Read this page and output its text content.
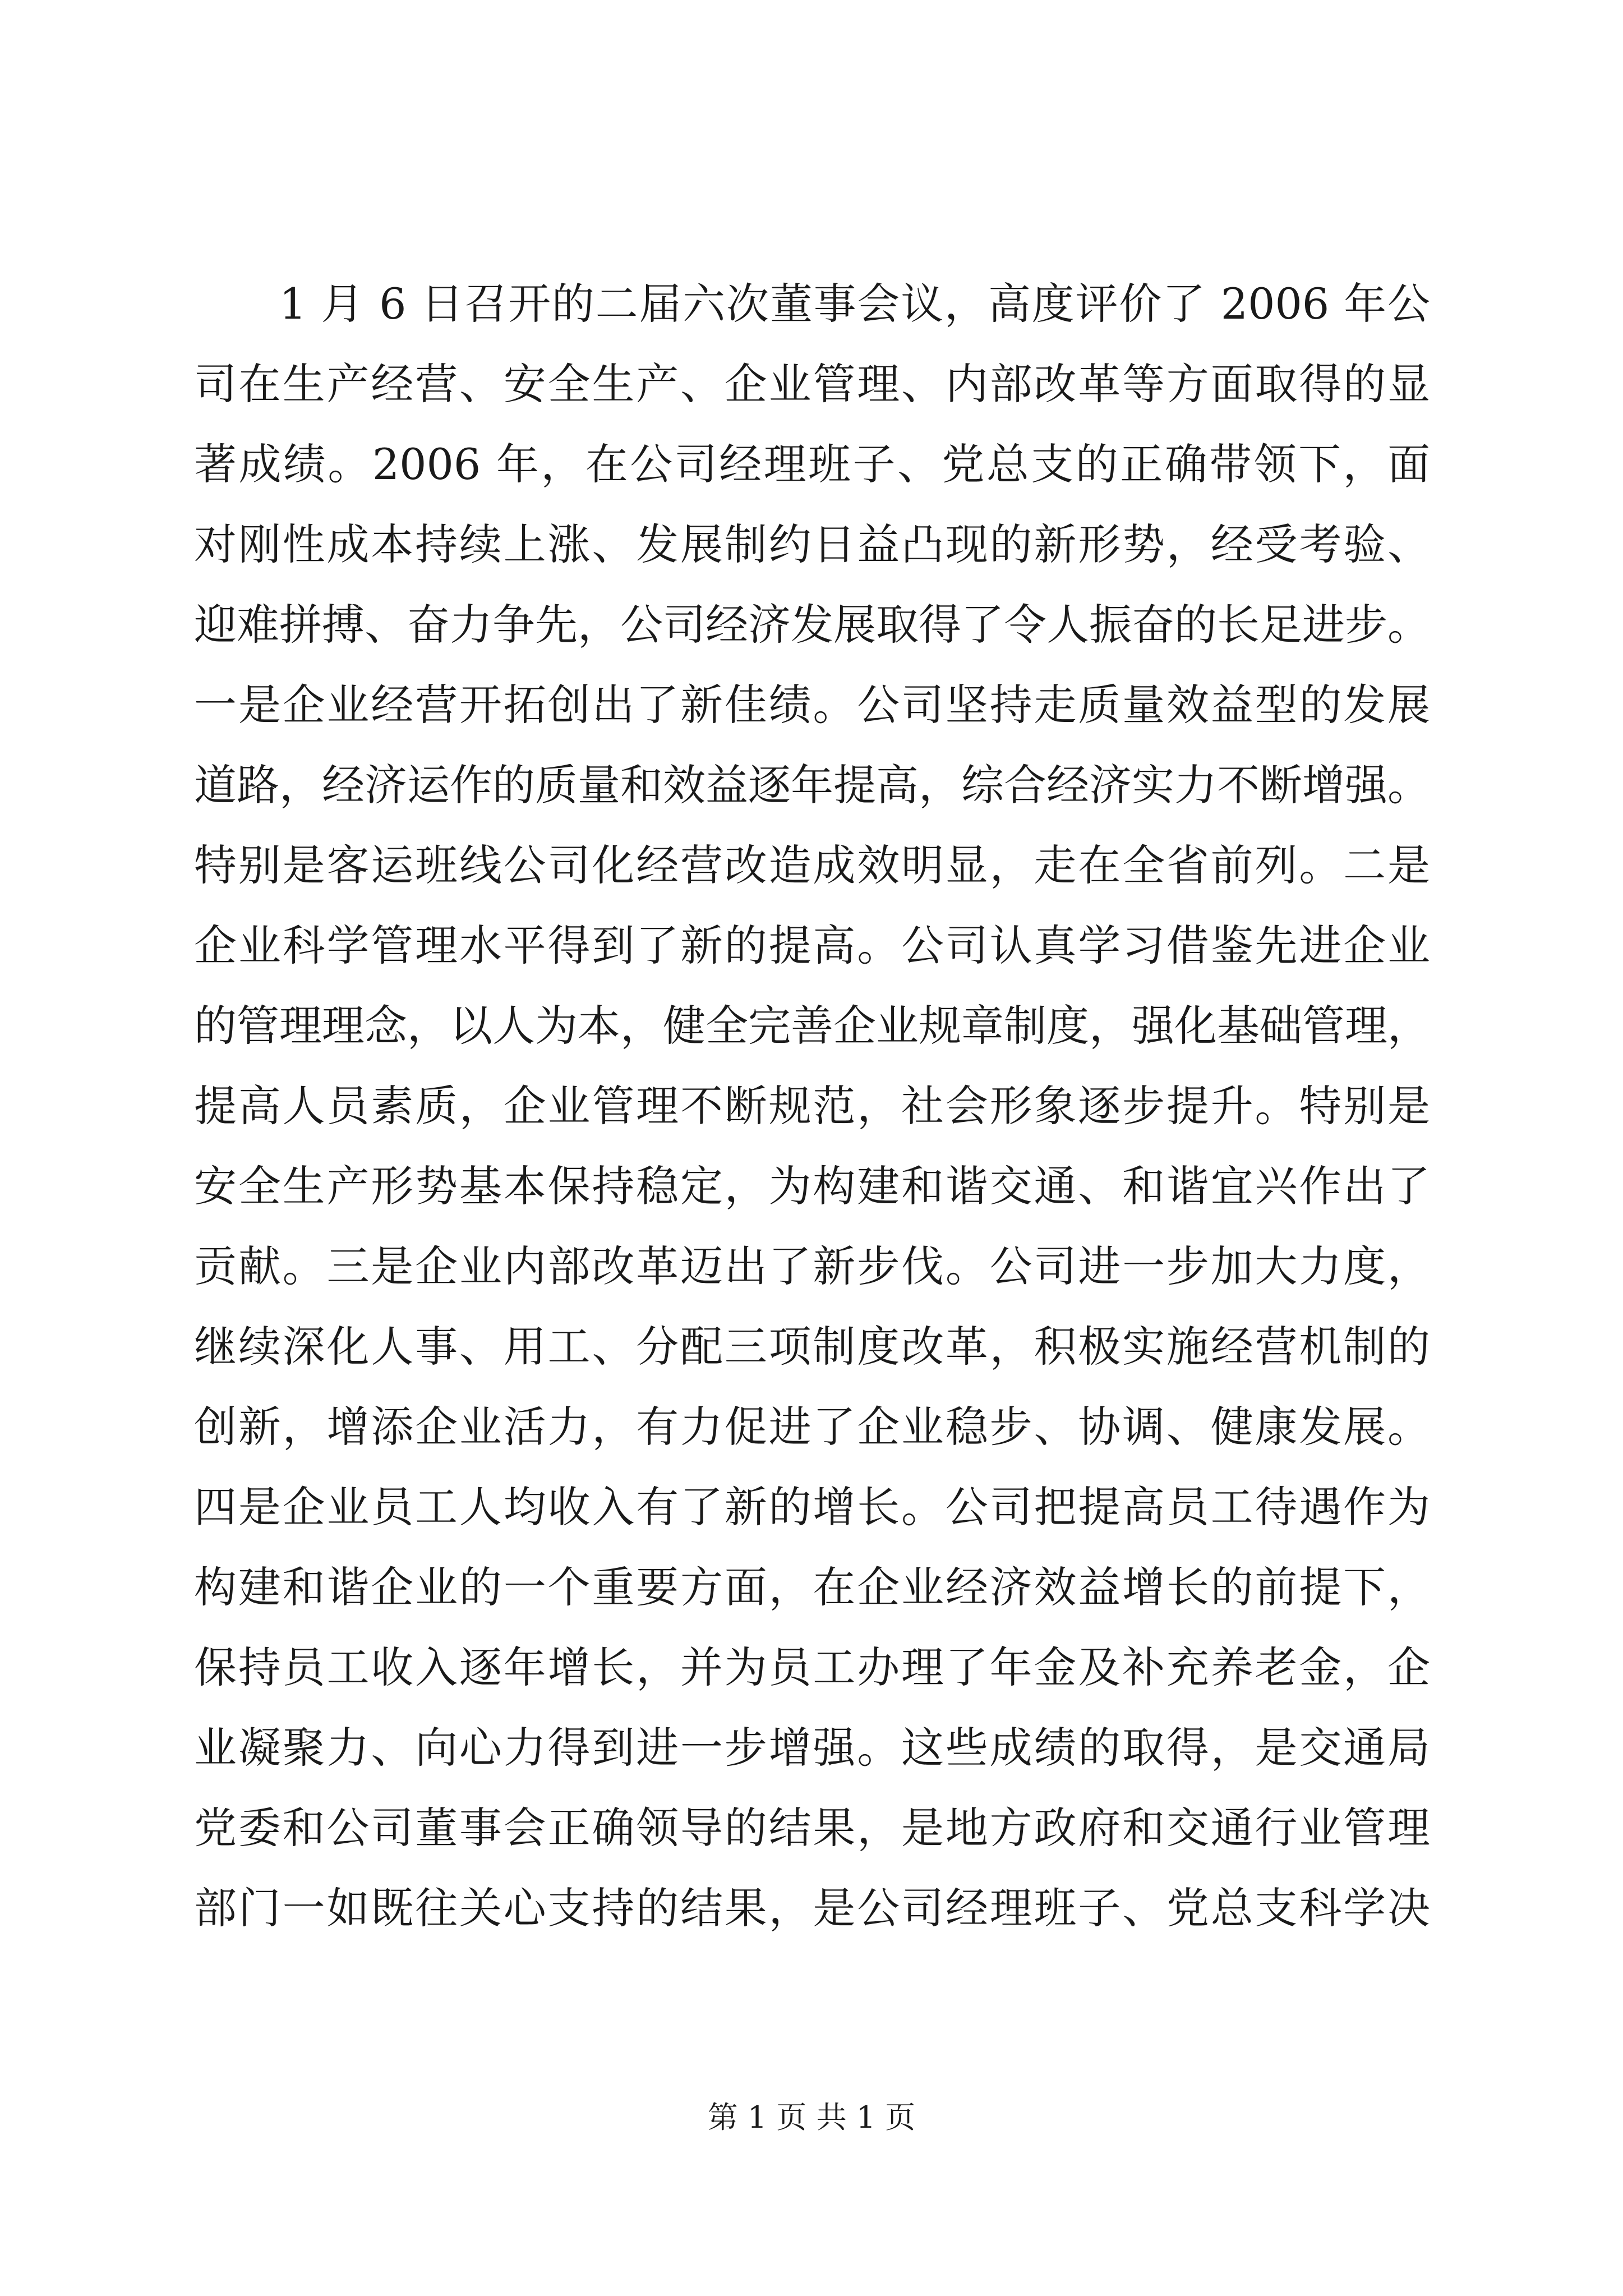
1 月 6 日召开的二届六次董事会议，高度评价了 2006 年公
司在生产经营、安全生产、企业管理、内部改革等方面取得的显
著成绩。2006 年，在公司经理班子、党总支的正确带领下，面
对刚性成本持续上涨、发展制约日益凸现的新形势，经受考验、
迎难拼搏、奋力争先，公司经济发展取得了令人振奋的长足进步。
一是企业经营开拓创出了新佳绩。公司坚持走质量效益型的发展
道路，经济运作的质量和效益逐年提高，综合经济实力不断增强。
特别是客运班线公司化经营改造成效明显，走在全省前列。二是
企业科学管理水平得到了新的提高。公司认真学习借鉴先进企业
的管理理念，以人为本，健全完善企业规章制度，强化基础管理，
提高人员素质，企业管理不断规范，社会形象逐步提升。特别是
安全生产形势基本保持稳定，为构建和谐交通、和谐宜兴作出了
贡献。三是企业内部改革迈出了新步伐。公司进一步加大力度，
继续深化人事、用工、分配三项制度改革，积极实施经营机制的
创新，增添企业活力，有力促进了企业稳步、协调、健康发展。
四是企业员工人均收入有了新的增长。公司把提高员工待遇作为
构建和谐企业的一个重要方面，在企业经济效益增长的前提下，
保持员工收入逐年增长，并为员工办理了年金及补充养老金，企
业凝聚力、向心力得到进一步增强。这些成绩的取得，是交通局
党委和公司董事会正确领导的结果，是地方政府和交通行业管理
部门一如既往关心支持的结果，是公司经理班子、党总支科学决
第 1 页 共 1 页
